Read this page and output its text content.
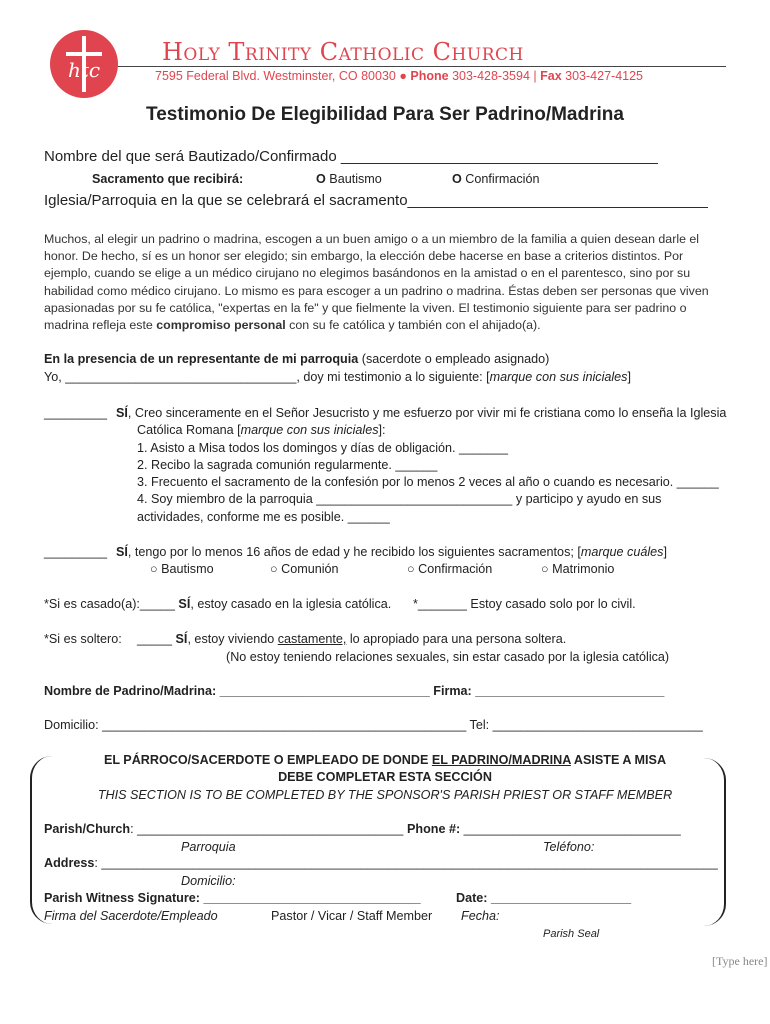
htc
Holy Trinity Catholic Church
7595 Federal Blvd. Westminster, CO 80030 ● Phone 303-428-3594 | Fax 303-427-4125
Testimonio De Elegibilidad Para Ser Padrino/Madrina
Nombre del que será Bautizado/Confirmado ______________________________________
Sacramento que recibirá:	O Bautismo	O Confirmación
Iglesia/Parroquia en la que se celebrará el sacramento____________________________________
Muchos, al elegir un padrino o madrina, escogen a un buen amigo o a un miembro de la familia a quien desean darle el honor. De hecho, sí es un honor ser elegido; sin embargo, la elección debe hacerse en base a criterios distintos. Por ejemplo, cuando se elige a un médico cirujano no elegimos basándonos en la amistad o en el parentesco, sino por su habilidad como médico cirujano. Lo mismo es para escoger a un padrino o madrina. Éstas deben ser personas que viven apasionadas por su fe católica, "expertas en la fe" y que fielmente la viven. El testimonio siguiente para ser padrino o madrina refleja este compromiso personal con su fe católica y también con el ahijado(a).
En la presencia de un representante de mi parroquia (sacerdote o empleado asignado)
Yo, _________________________________, doy mi testimonio a lo siguiente: [marque con sus iniciales]
_________ SÍ, Creo sinceramente en el Señor Jesucristo y me esfuerzo por vivir mi fe cristiana como lo enseña la Iglesia
Católica Romana [marque con sus iniciales]:
1. Asisto a Misa todos los domingos y días de obligación. _______
2. Recibo la sagrada comunión regularmente. ______
3. Frecuento el sacramento de la confesión por lo menos 2 veces al año o cuando es necesario. ______
4. Soy miembro de la parroquia ____________________________ y participo y ayudo en sus
actividades, conforme me es posible. ______
_________ SÍ, tengo por lo menos 16 años de edad y he recibido los siguientes sacramentos; [marque cuáles]
○ Bautismo	○ Comunión	○ Confirmación	○ Matrimonio
*Si es casado(a):_____ SÍ, estoy casado en la iglesia católica. *_______ Estoy casado solo por lo civil.
*Si es soltero: _____ SÍ, estoy viviendo castamente, lo apropiado para una persona soltera.
(No estoy teniendo relaciones sexuales, sin estar casado por la iglesia católica)
Nombre de Padrino/Madrina: ______________________________ Firma: ___________________________
Domicilio: ____________________________________________________ Tel: ______________________________
EL PÁRROCO/SACERDOTE O EMPLEADO DE DONDE EL PADRINO/MADRINA ASISTE A MISA
DEBE COMPLETAR ESTA SECCIÓN
THIS SECTION IS TO BE COMPLETED BY THE SPONSOR'S PARISH PRIEST OR STAFF MEMBER
Parish/Church: ______________________________________ Phone #: _______________________________
Parroquia	Teléfono:
Address: ________________________________________________________________________________________
Domicilio:
Parish Witness Signature: _______________________________	Date: ____________________
Firma del Sacerdote/Empleado	Pastor / Vicar / Staff Member Fecha:
Parish Seal
[Type here]
